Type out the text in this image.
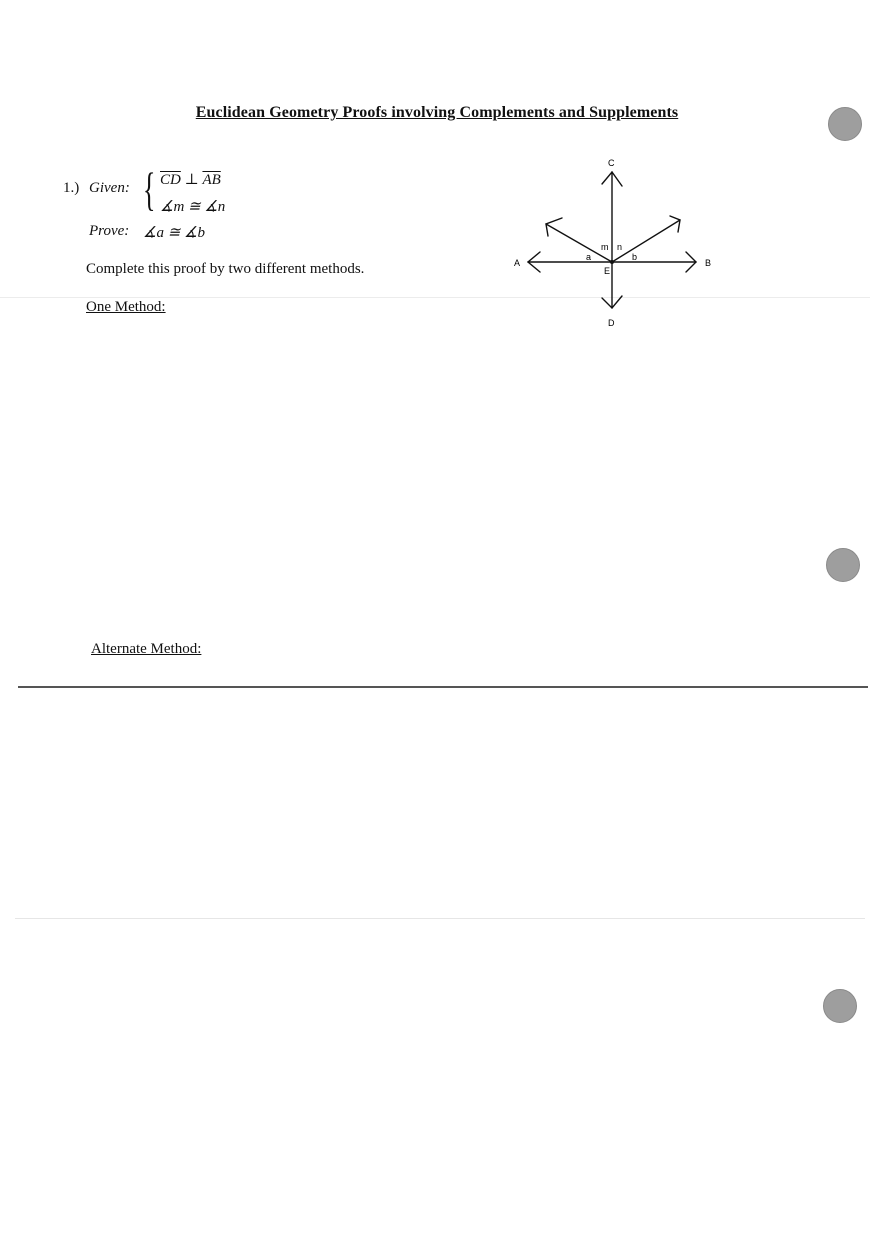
Euclidean Geometry Proofs involving Complements and Supplements
1.) Given: { $\overline{CD}$ ⊥ $\overline{AB}$
∡m ≅ ∡n
Prove: ∡a ≅ ∡b
Complete this proof by two different methods.
One Method:
Alternate Method:
C
D
A	B
E
a	b
m n
